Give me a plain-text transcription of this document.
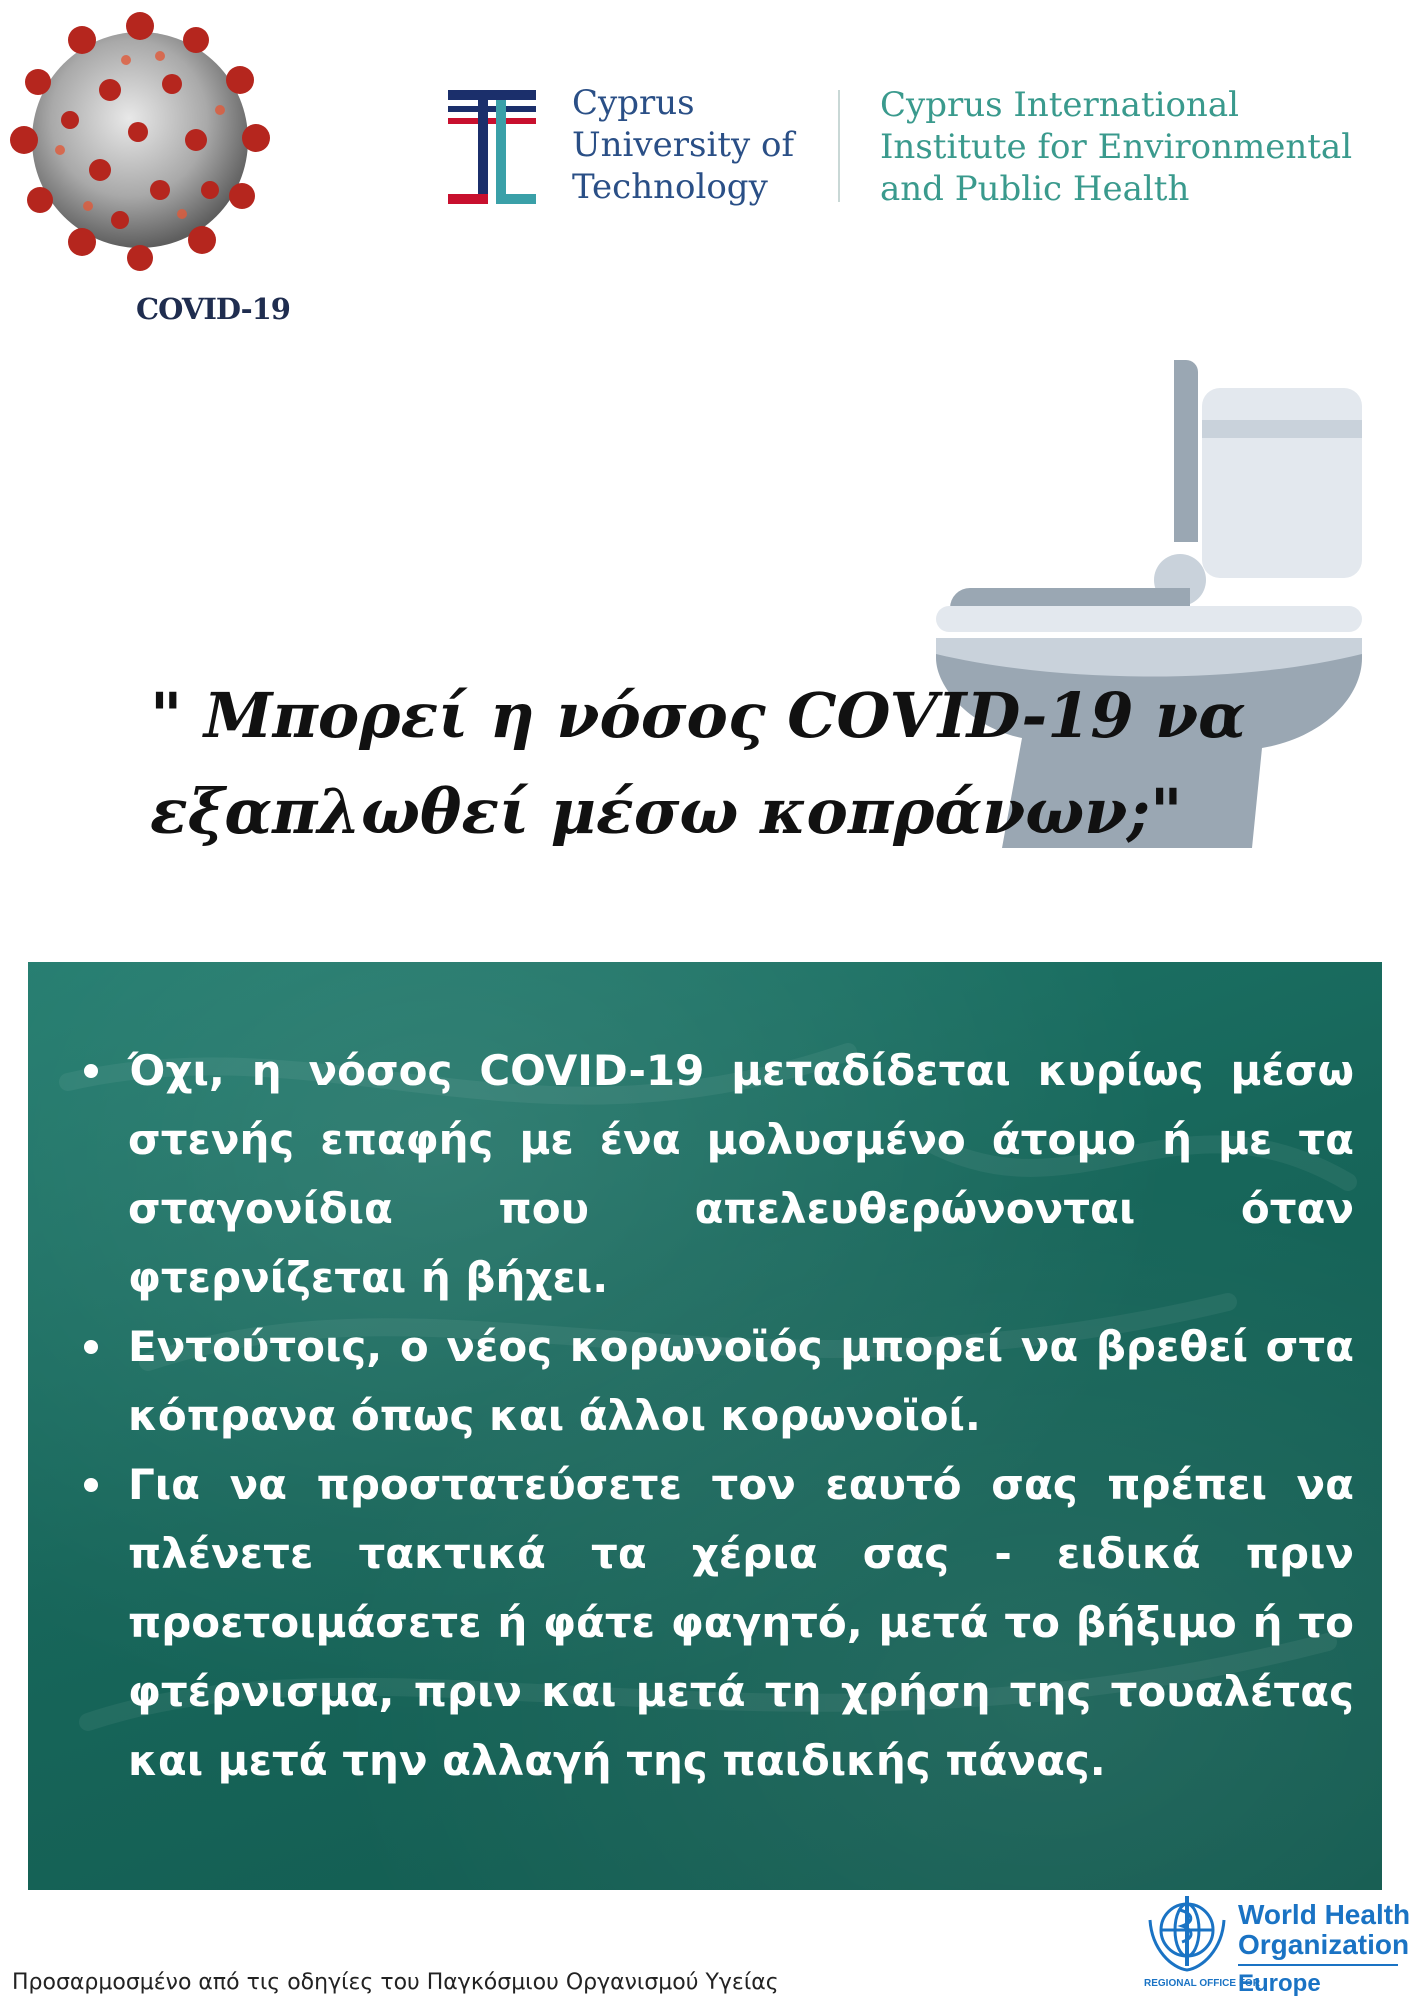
COVID-19
Cyprus
University of
Technology
Cyprus International
Institute for Environmental
and Public Health
" Μπορεί η νόσος COVID-19 να
εξαπλωθεί μέσω κοπράνων;"
Όχι, η νόσος COVID-19 μεταδίδεται κυρίως μέσω στενής επαφής με ένα μολυσμένο άτομο ή με τα σταγονίδια που απελευθερώνονται όταν φτερνίζεται ή βήχει.
Εντούτοις, ο νέος κορωνοϊός μπορεί να βρεθεί στα κόπρανα όπως και άλλοι κορωνοϊοί.
Για να προστατεύσετε τον εαυτό σας πρέπει να πλένετε τακτικά τα χέρια σας - ειδικά πριν προετοιμάσετε ή φάτε φαγητό, μετά το βήξιμο ή το φτέρνισμα, πριν και μετά τη χρήση της τουαλέτας και μετά την αλλαγή της παιδικής πάνας.
Προσαρμοσμένο από τις οδηγίες του Παγκόσμιου Οργανισμού Υγείας
World Health
Organization
REGIONAL OFFICE FOR
Europe
